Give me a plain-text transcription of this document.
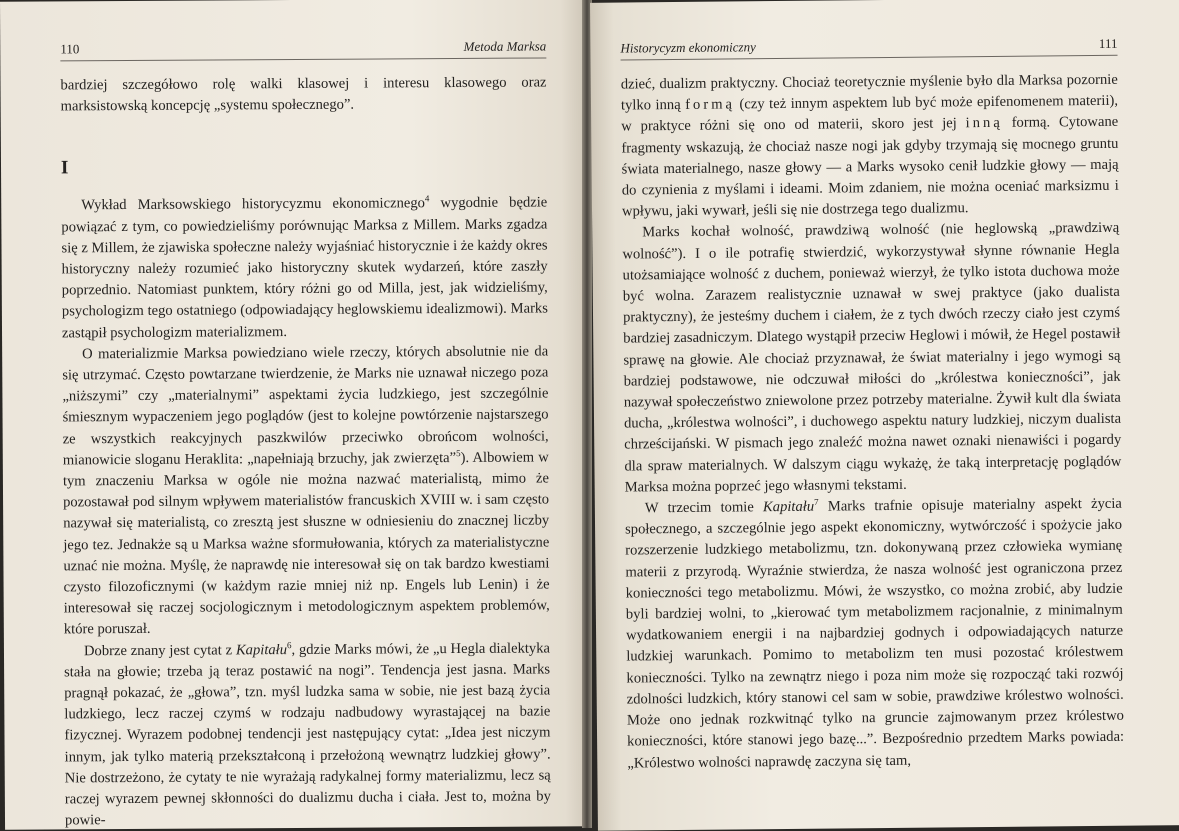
110	Metoda Marksa

bardziej szczegółowo rolę walki klasowej i interesu klasowego oraz marksistowską koncepcję „systemu społecznego”.

I

Wykład Marksowskiego historycyzmu ekonomicznego$^4$ wygodnie będzie powiązać z tym, co powiedzieliśmy porównując Marksa z Millem. Marks zgadza się z Millem, że zjawiska społeczne należy wyjaśniać historycznie i że każdy okres historyczny należy rozumieć jako historyczny skutek wydarzeń, które zaszły poprzednio. Natomiast punktem, który różni go od Milla, jest, jak widzieliśmy, psychologizm tego ostatniego (odpowiadający heglowskiemu idealizmowi). Marks zastąpił psychologizm materializmem.

O materializmie Marksa powiedziano wiele rzeczy, których absolutnie nie da się utrzymać. Często powtarzane twierdzenie, że Marks nie uznawał niczego poza „niższymi” czy „materialnymi” aspektami życia ludzkiego, jest szczególnie śmiesznym wypaczeniem jego poglądów (jest to kolejne powtórzenie najstarszego ze wszystkich reakcyjnych paszkwilów przeciwko obrońcom wolności, mianowicie sloganu Heraklita: „napełniają brzuchy, jak zwierzęta”$^5$). Albowiem w tym znaczeniu Marksa w ogóle nie można nazwać materialistą, mimo że pozostawał pod silnym wpływem materialistów francuskich XVIII w. i sam często nazywał się materialistą, co zresztą jest słuszne w odniesieniu do znacznej liczby jego tez. Jednakże są u Marksa ważne sformułowania, których za materialistyczne uznać nie można. Myślę, że naprawdę nie interesował się on tak bardzo kwestiami czysto filozoficznymi (w każdym razie mniej niż np. Engels lub Lenin) i że interesował się raczej socjologicznym i metodologicznym aspektem problemów, które poruszał.

Dobrze znany jest cytat z Kapitału$^6$, gdzie Marks mówi, że „u Hegla dialektyka stała na głowie; trzeba ją teraz postawić na nogi”. Tendencja jest jasna. Marks pragnął pokazać, że „głowa”, tzn. myśl ludzka sama w sobie, nie jest bazą życia ludzkiego, lecz raczej czymś w rodzaju nadbudowy wyrastającej na bazie fizycznej. Wyrazem podobnej tendencji jest następujący cytat: „Idea jest niczym innym, jak tylko materią przekształconą i przełożoną wewnątrz ludzkiej głowy”. Nie dostrzeżono, że cytaty te nie wyrażają radykalnej formy materializmu, lecz są raczej wyrazem pewnej skłonności do dualizmu ducha i ciała. Jest to, można by powie-

Historycyzm ekonomiczny	111

dzieć, dualizm praktyczny. Chociaż teoretycznie myślenie było dla Marksa pozornie tylko inną formą (czy też innym aspektem lub być może epifenomenem materii), w praktyce różni się ono od materii, skoro jest jej inną formą. Cytowane fragmenty wskazują, że chociaż nasze nogi jak gdyby trzymają się mocnego gruntu świata materialnego, nasze głowy — a Marks wysoko cenił ludzkie głowy — mają do czynienia z myślami i ideami. Moim zdaniem, nie można oceniać marksizmu i wpływu, jaki wywarł, jeśli się nie dostrzega tego dualizmu.

Marks kochał wolność, prawdziwą wolność (nie heglowską „prawdziwą wolność”). I o ile potrafię stwierdzić, wykorzystywał słynne równanie Hegla utożsamiające wolność z duchem, ponieważ wierzył, że tylko istota duchowa może być wolna. Zarazem realistycznie uznawał w swej praktyce (jako dualista praktyczny), że jesteśmy duchem i ciałem, że z tych dwóch rzeczy ciało jest czymś bardziej zasadniczym. Dlatego wystąpił przeciw Heglowi i mówił, że Hegel postawił sprawę na głowie. Ale chociaż przyznawał, że świat materialny i jego wymogi są bardziej podstawowe, nie odczuwał miłości do „królestwa konieczności”, jak nazywał społeczeństwo zniewolone przez potrzeby materialne. Żywił kult dla świata ducha, „królestwa wolności”, i duchowego aspektu natury ludzkiej, niczym dualista chrześcijański. W pismach jego znaleźć można nawet oznaki nienawiści i pogardy dla spraw materialnych. W dalszym ciągu wykażę, że taką interpretację poglądów Marksa można poprzeć jego własnymi tekstami.

W trzecim tomie Kapitału$^7$ Marks trafnie opisuje materialny aspekt życia społecznego, a szczególnie jego aspekt ekonomiczny, wytwórczość i spożycie jako rozszerzenie ludzkiego metabolizmu, tzn. dokonywaną przez człowieka wymianę materii z przyrodą. Wyraźnie stwierdza, że nasza wolność jest ograniczona przez konieczności tego metabolizmu. Mówi, że wszystko, co można zrobić, aby ludzie byli bardziej wolni, to „kierować tym metabolizmem racjonalnie, z minimalnym wydatkowaniem energii i na najbardziej godnych i odpowiadających naturze ludzkiej warunkach. Pomimo to metabolizm ten musi pozostać królestwem konieczności. Tylko na zewnątrz niego i poza nim może się rozpocząć taki rozwój zdolności ludzkich, który stanowi cel sam w sobie, prawdziwe królestwo wolności. Może ono jednak rozkwitnąć tylko na gruncie zajmowanym przez królestwo konieczności, które stanowi jego bazę...”. Bezpośrednio przedtem Marks powiada: „Królestwo wolności naprawdę zaczyna się tam,
